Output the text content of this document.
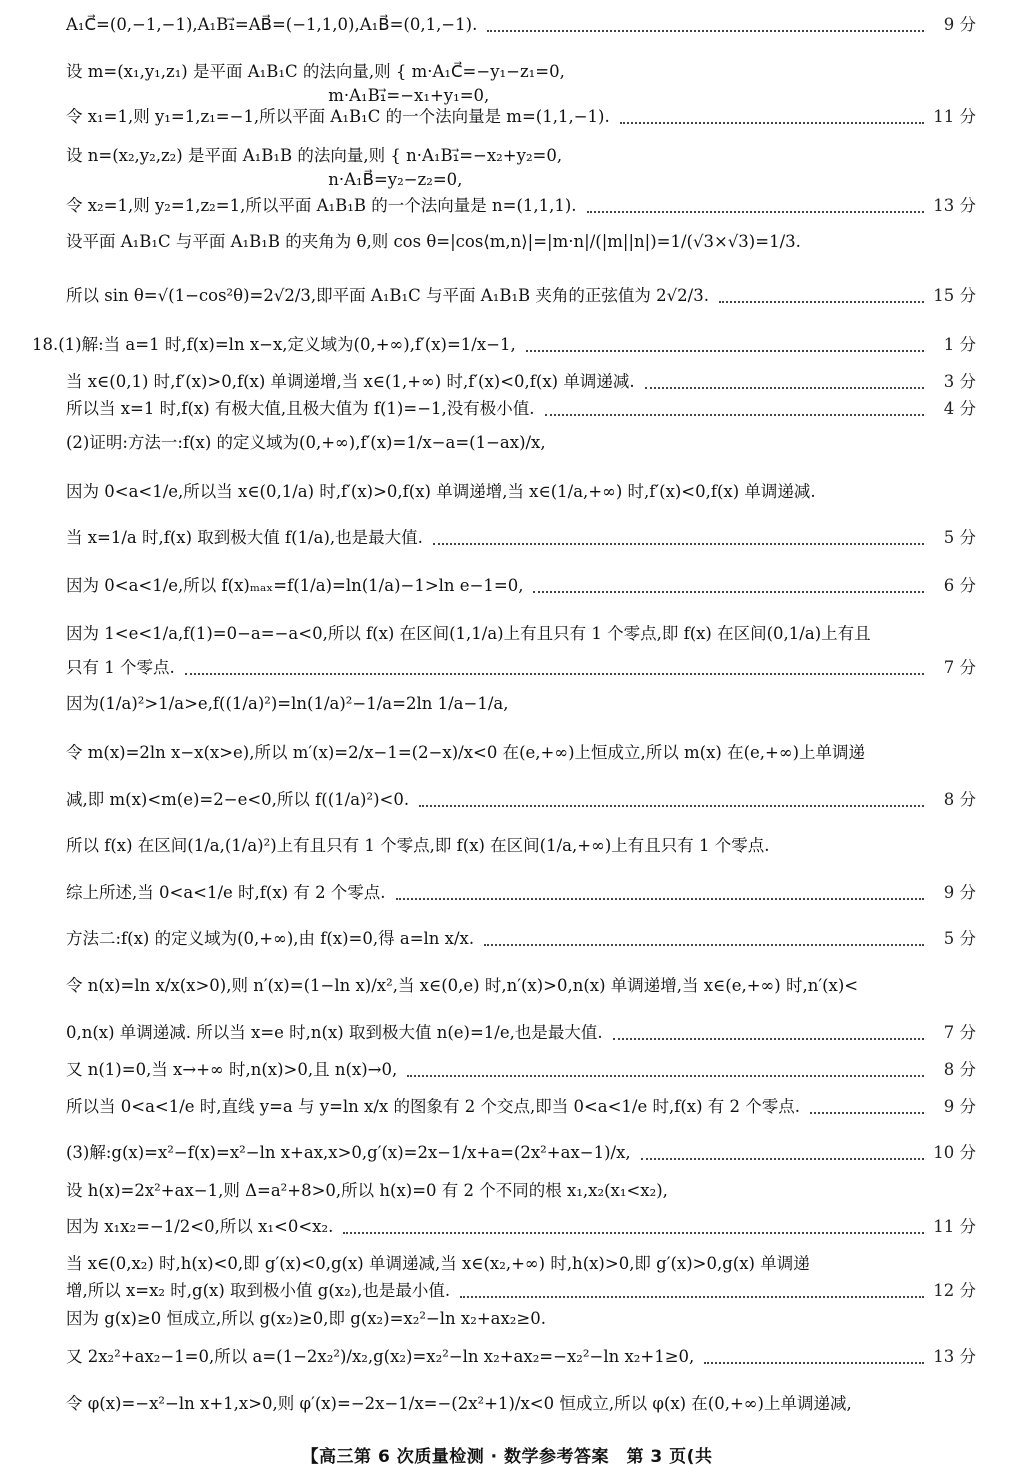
A₁C⃗=(0,−1,−1),A₁B₁⃗=AB⃗=(−1,1,0),A₁B⃗=(0,1,−1).	9 分
设 m=(x₁,y₁,z₁) 是平面 A₁B₁C 的法向量,则 { m·A₁C⃗=−y₁−z₁=0,
m·A₁B₁⃗=−x₁+y₁=0,
令 x₁=1,则 y₁=1,z₁=−1,所以平面 A₁B₁C 的一个法向量是 m=(1,1,−1).	11 分
设 n=(x₂,y₂,z₂) 是平面 A₁B₁B 的法向量,则 { n·A₁B₁⃗=−x₂+y₂=0,
n·A₁B⃗=y₂−z₂=0,
令 x₂=1,则 y₂=1,z₂=1,所以平面 A₁B₁B 的一个法向量是 n=(1,1,1).	13 分
设平面 A₁B₁C 与平面 A₁B₁B 的夹角为 θ,则 cos θ=|cos⟨m,n⟩|=|m·n|/(|m||n|)=1/(√3×√3)=1/3.
所以 sin θ=√(1−cos²θ)=2√2/3,即平面 A₁B₁C 与平面 A₁B₁B 夹角的正弦值为 2√2/3.	15 分
18.(1)解:当 a=1 时,f(x)=ln x−x,定义域为(0,+∞),f′(x)=1/x−1,	1 分
当 x∈(0,1) 时,f′(x)>0,f(x) 单调递增,当 x∈(1,+∞) 时,f′(x)<0,f(x) 单调递减.	3 分
所以当 x=1 时,f(x) 有极大值,且极大值为 f(1)=−1,没有极小值.	4 分
(2)证明:方法一:f(x) 的定义域为(0,+∞),f′(x)=1/x−a=(1−ax)/x,
因为 0<a<1/e,所以当 x∈(0,1/a) 时,f′(x)>0,f(x) 单调递增,当 x∈(1/a,+∞) 时,f′(x)<0,f(x) 单调递减.
当 x=1/a 时,f(x) 取到极大值 f(1/a),也是最大值.	5 分
因为 0<a<1/e,所以 f(x)ₘₐₓ=f(1/a)=ln(1/a)−1>ln e−1=0,	6 分
因为 1<e<1/a,f(1)=0−a=−a<0,所以 f(x) 在区间(1,1/a)上有且只有 1 个零点,即 f(x) 在区间(0,1/a)上有且
只有 1 个零点.	7 分
因为(1/a)²>1/a>e,f((1/a)²)=ln(1/a)²−1/a=2ln 1/a−1/a,
令 m(x)=2ln x−x(x>e),所以 m′(x)=2/x−1=(2−x)/x<0 在(e,+∞)上恒成立,所以 m(x) 在(e,+∞)上单调递
减,即 m(x)<m(e)=2−e<0,所以 f((1/a)²)<0.	8 分
所以 f(x) 在区间(1/a,(1/a)²)上有且只有 1 个零点,即 f(x) 在区间(1/a,+∞)上有且只有 1 个零点.
综上所述,当 0<a<1/e 时,f(x) 有 2 个零点.	9 分
方法二:f(x) 的定义域为(0,+∞),由 f(x)=0,得 a=ln x/x.	5 分
令 n(x)=ln x/x(x>0),则 n′(x)=(1−ln x)/x²,当 x∈(0,e) 时,n′(x)>0,n(x) 单调递增,当 x∈(e,+∞) 时,n′(x)<
0,n(x) 单调递减. 所以当 x=e 时,n(x) 取到极大值 n(e)=1/e,也是最大值.	7 分
又 n(1)=0,当 x→+∞ 时,n(x)>0,且 n(x)→0,	8 分
所以当 0<a<1/e 时,直线 y=a 与 y=ln x/x 的图象有 2 个交点,即当 0<a<1/e 时,f(x) 有 2 个零点.	9 分
(3)解:g(x)=x²−f(x)=x²−ln x+ax,x>0,g′(x)=2x−1/x+a=(2x²+ax−1)/x,	10 分
设 h(x)=2x²+ax−1,则 Δ=a²+8>0,所以 h(x)=0 有 2 个不同的根 x₁,x₂(x₁<x₂),
因为 x₁x₂=−1/2<0,所以 x₁<0<x₂.	11 分
当 x∈(0,x₂) 时,h(x)<0,即 g′(x)<0,g(x) 单调递减,当 x∈(x₂,+∞) 时,h(x)>0,即 g′(x)>0,g(x) 单调递
增,所以 x=x₂ 时,g(x) 取到极小值 g(x₂),也是最小值.	12 分
因为 g(x)≥0 恒成立,所以 g(x₂)≥0,即 g(x₂)=x₂²−ln x₂+ax₂≥0.
又 2x₂²+ax₂−1=0,所以 a=(1−2x₂²)/x₂,g(x₂)=x₂²−ln x₂+ax₂=−x₂²−ln x₂+1≥0,	13 分
令 φ(x)=−x²−ln x+1,x>0,则 φ′(x)=−2x−1/x=−(2x²+1)/x<0 恒成立,所以 φ(x) 在(0,+∞)上单调递减,
【高三第 6 次质量检测 · 数学参考答案　第 3 页(共
